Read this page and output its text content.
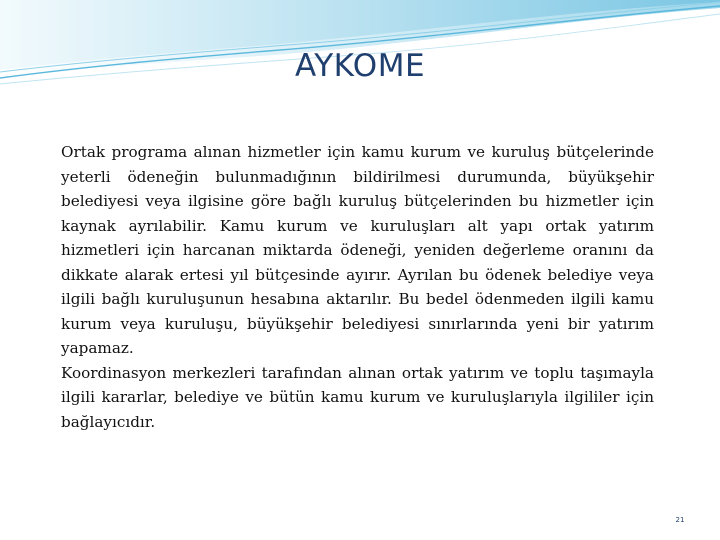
AYKOME

Ortak programa alınan hizmetler için kamu kurum ve kuruluş bütçelerinde yeterli ödeneğin bulunmadığının bildirilmesi durumunda, büyükşehir belediyesi veya ilgisine göre bağlı kuruluş bütçelerinden bu hizmetler için kaynak ayrılabilir. Kamu kurum ve kuruluşları alt yapı ortak yatırım hizmetleri için harcanan miktarda ödeneği, yeniden değerleme oranını da dikkate alarak ertesi yıl bütçesinde ayırır. Ayrılan bu ödenek belediye veya ilgili bağlı kuruluşunun hesabına aktarılır. Bu bedel ödenmeden ilgili kamu kurum veya kuruluşu, büyükşehir belediyesi sınırlarında yeni bir yatırım yapamaz.

Koordinasyon merkezleri tarafından alınan ortak yatırım ve toplu taşımayla ilgili kararlar, belediye ve bütün kamu kurum ve kuruluşlarıyla ilgililer için bağlayıcıdır.

21
